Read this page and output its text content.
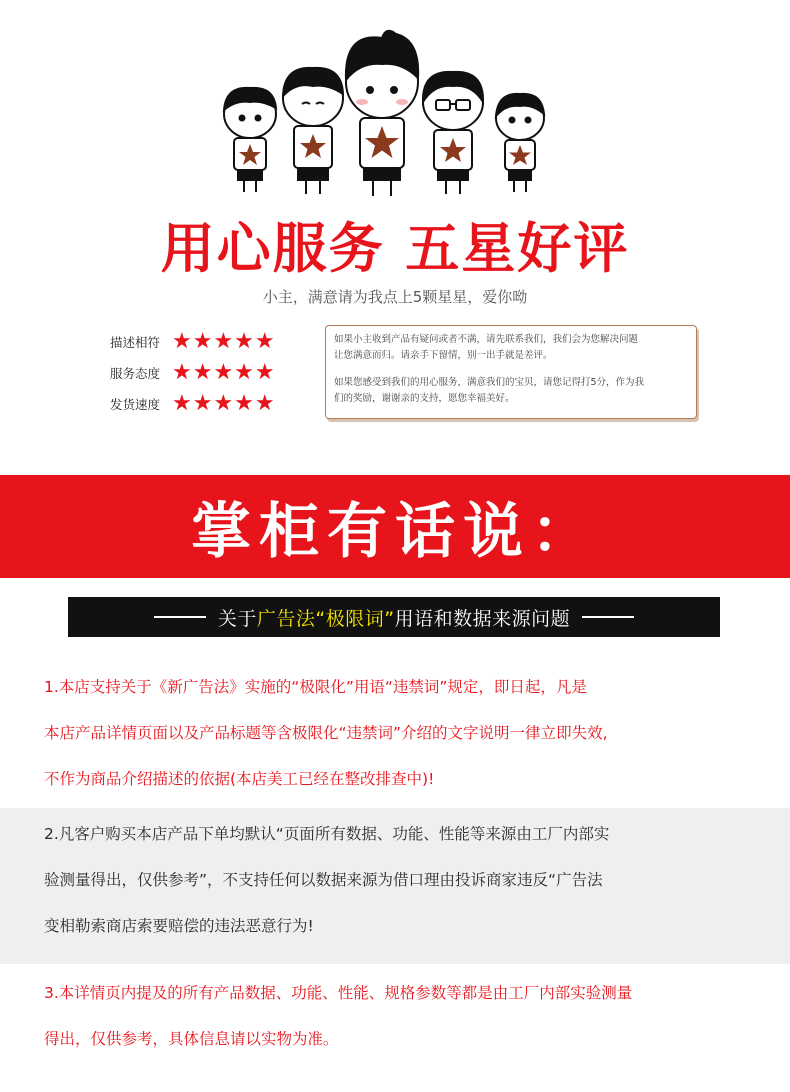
用心服务 五星好评
小主，满意请为我点上5颗星星，爱你呦
描述相符 ★★★★★
服务态度 ★★★★★
发货速度 ★★★★★

如果小主收到产品有疑问或者不满，请先联系我们，我们会为您解决问题
让您满意而归。请亲手下留情，别一出手就是差评。

如果您感受到我们的用心服务，满意我们的宝贝，请您记得打5分，作为我
们的奖励，谢谢亲的支持，愿您幸福美好。

掌柜有话说：
关于广告法“极限词”用语和数据来源问题

1.本店支持关于《新广告法》实施的“极限化”用语“违禁词”规定，即日起，凡是

本店产品详情页面以及产品标题等含极限化“违禁词”介绍的文字说明一律立即失效,

不作为商品介绍描述的依据(本店美工已经在整改排查中)!

2.凡客户购买本店产品下单均默认“页面所有数据、功能、性能等来源由工厂内部实

验测量得出，仅供参考”，不支持任何以数据来源为借口理由投诉商家违反“广告法

变相勒索商店索要赔偿的违法恶意行为!

3.本详情页内提及的所有产品数据、功能、性能、规格参数等都是由工厂内部实验测量

得出，仅供参考，具体信息请以实物为准。
